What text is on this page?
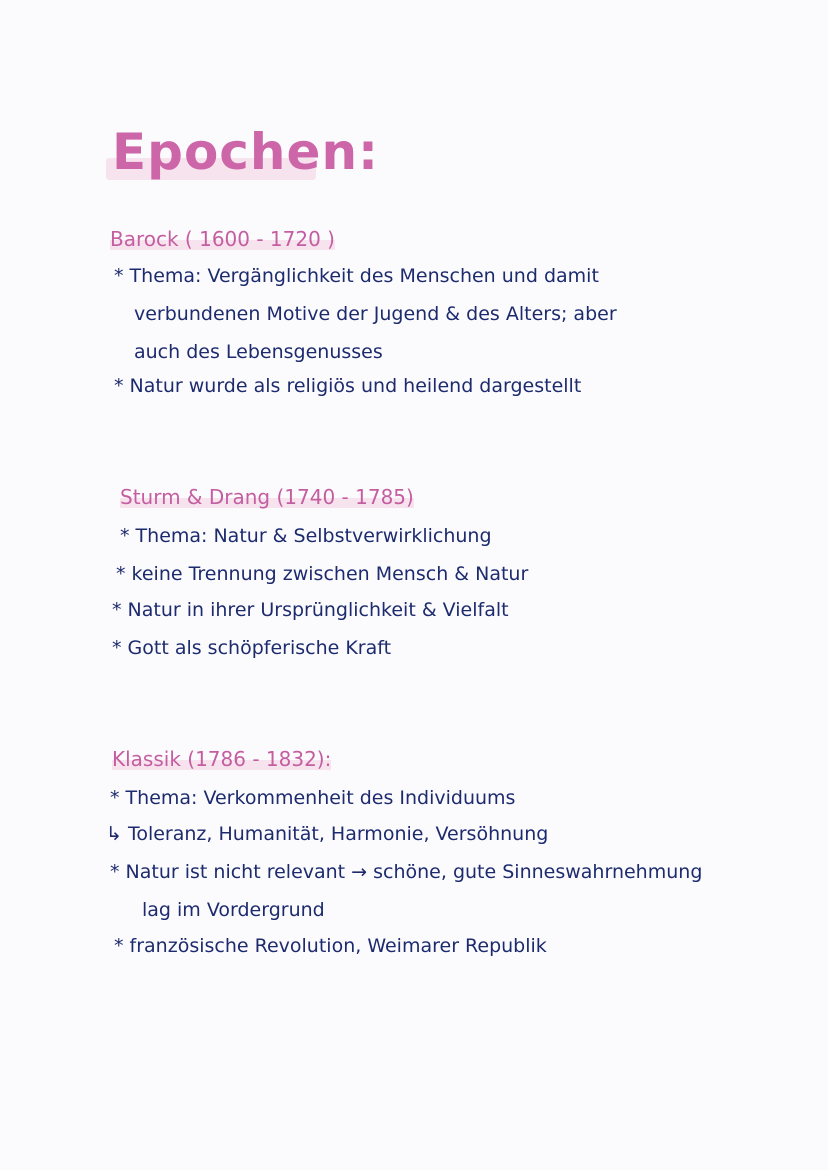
Epochen:
Barock ( 1600 - 1720 )
* Thema: Vergänglichkeit des Menschen und damit
verbundenen Motive der Jugend & des Alters; aber
auch des Lebensgenusses
* Natur wurde als religiös und heilend dargestellt
Sturm & Drang (1740 - 1785)
* Thema: Natur & Selbstverwirklichung
* keine Trennung zwischen Mensch & Natur
* Natur in ihrer Ursprünglichkeit & Vielfalt
* Gott als schöpferische Kraft
Klassik (1786 - 1832):
* Thema: Verkommenheit des Individuums
↳ Toleranz, Humanität, Harmonie, Versöhnung
* Natur ist nicht relevant → schöne, gute Sinneswahrnehmung
lag im Vordergrund
* französische Revolution, Weimarer Republik
